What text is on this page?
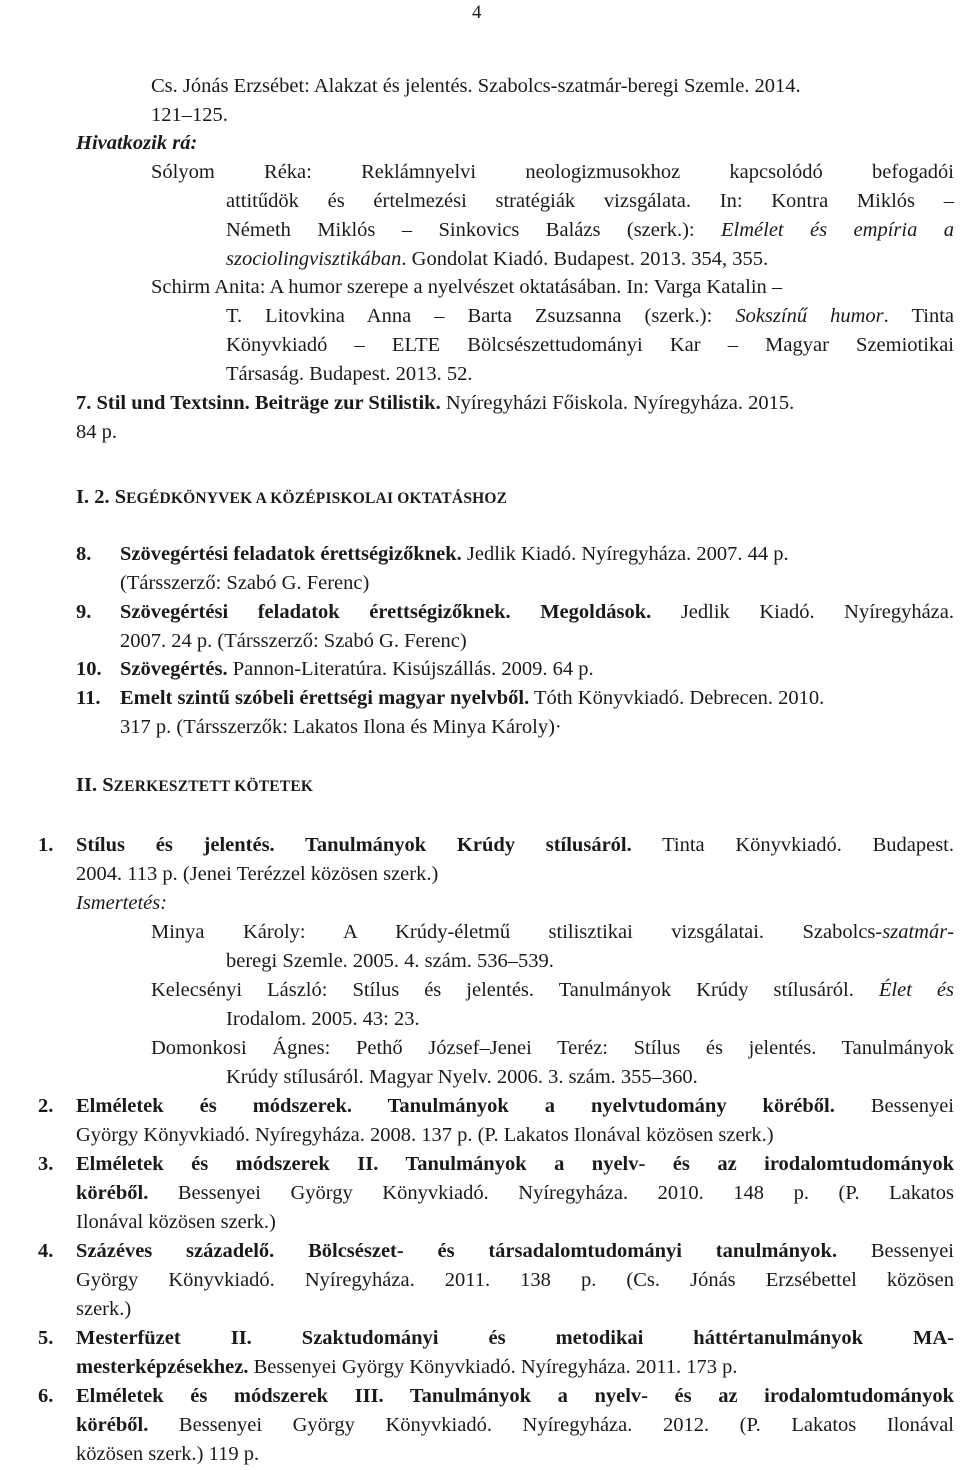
4
Cs. Jónás Erzsébet: Alakzat és jelentés. Szabolcs-szatmár-beregi Szemle. 2014.
121–125.
Hivatkozik rá:
Sólyom Réka: Reklámnyelvi neologizmusokhoz kapcsolódó befogadói
attitűdök és értelmezési stratégiák vizsgálata. In: Kontra Miklós –
Németh Miklós – Sinkovics Balázs (szerk.): Elmélet és empíria a
szociolingvisztikában. Gondolat Kiadó. Budapest. 2013. 354, 355.
Schirm Anita: A humor szerepe a nyelvészet oktatásában. In: Varga Katalin –
T. Litovkina Anna – Barta Zsuzsanna (szerk.): Sokszínű humor. Tinta
Könyvkiadó – ELTE Bölcsészettudományi Kar – Magyar Szemiotikai
Társaság. Budapest. 2013. 52.
7. Stil und Textsinn. Beiträge zur Stilistik. Nyíregyházi Főiskola. Nyíregyháza. 2015.
84 p.
I. 2. SEGÉDKÖNYVEK A KÖZÉPISKOLAI OKTATÁSHOZ
8. Szövegértési feladatok érettségizőknek. Jedlik Kiadó. Nyíregyháza. 2007. 44 p.
(Társszerző: Szabó G. Ferenc)
9. Szövegértési feladatok érettségizőknek. Megoldások. Jedlik Kiadó. Nyíregyháza.
2007. 24 p. (Társszerző: Szabó G. Ferenc)
10. Szövegértés. Pannon-Literatúra. Kisújszállás. 2009. 64 p.
11. Emelt szintű szóbeli érettségi magyar nyelvből. Tóth Könyvkiadó. Debrecen. 2010.
317 p. (Társszerzők: Lakatos Ilona és Minya Károly)·
II. SZERKESZTETT KÖTETEK
1. Stílus és jelentés. Tanulmányok Krúdy stílusáról. Tinta Könyvkiadó. Budapest.
2004. 113 p. (Jenei Terézzel közösen szerk.)
Ismertetés:
Minya Károly: A Krúdy-életmű stilisztikai vizsgálatai. Szabolcs-szatmár-
beregi Szemle. 2005. 4. szám. 536–539.
Kelecsényi László: Stílus és jelentés. Tanulmányok Krúdy stílusáról. Élet és
Irodalom. 2005. 43: 23.
Domonkosi Ágnes: Pethő József–Jenei Teréz: Stílus és jelentés. Tanulmányok
Krúdy stílusáról. Magyar Nyelv. 2006. 3. szám. 355–360.
2. Elméletek és módszerek. Tanulmányok a nyelvtudomány köréből. Bessenyei
György Könyvkiadó. Nyíregyháza. 2008. 137 p. (P. Lakatos Ilonával közösen szerk.)
3. Elméletek és módszerek II. Tanulmányok a nyelv- és az irodalomtudományok
köréből. Bessenyei György Könyvkiadó. Nyíregyháza. 2010. 148 p. (P. Lakatos
Ilonával közösen szerk.)
4. Százéves századelő. Bölcsészet- és társadalomtudományi tanulmányok. Bessenyei
György Könyvkiadó. Nyíregyháza. 2011. 138 p. (Cs. Jónás Erzsébettel közösen
szerk.)
5. Mesterfüzet II. Szaktudományi és metodikai háttértanulmányok MA-
mesterképzésekhez. Bessenyei György Könyvkiadó. Nyíregyháza. 2011. 173 p.
6. Elméletek és módszerek III. Tanulmányok a nyelv- és az irodalomtudományok
köréből. Bessenyei György Könyvkiadó. Nyíregyháza. 2012. (P. Lakatos Ilonával
közösen szerk.) 119 p.
